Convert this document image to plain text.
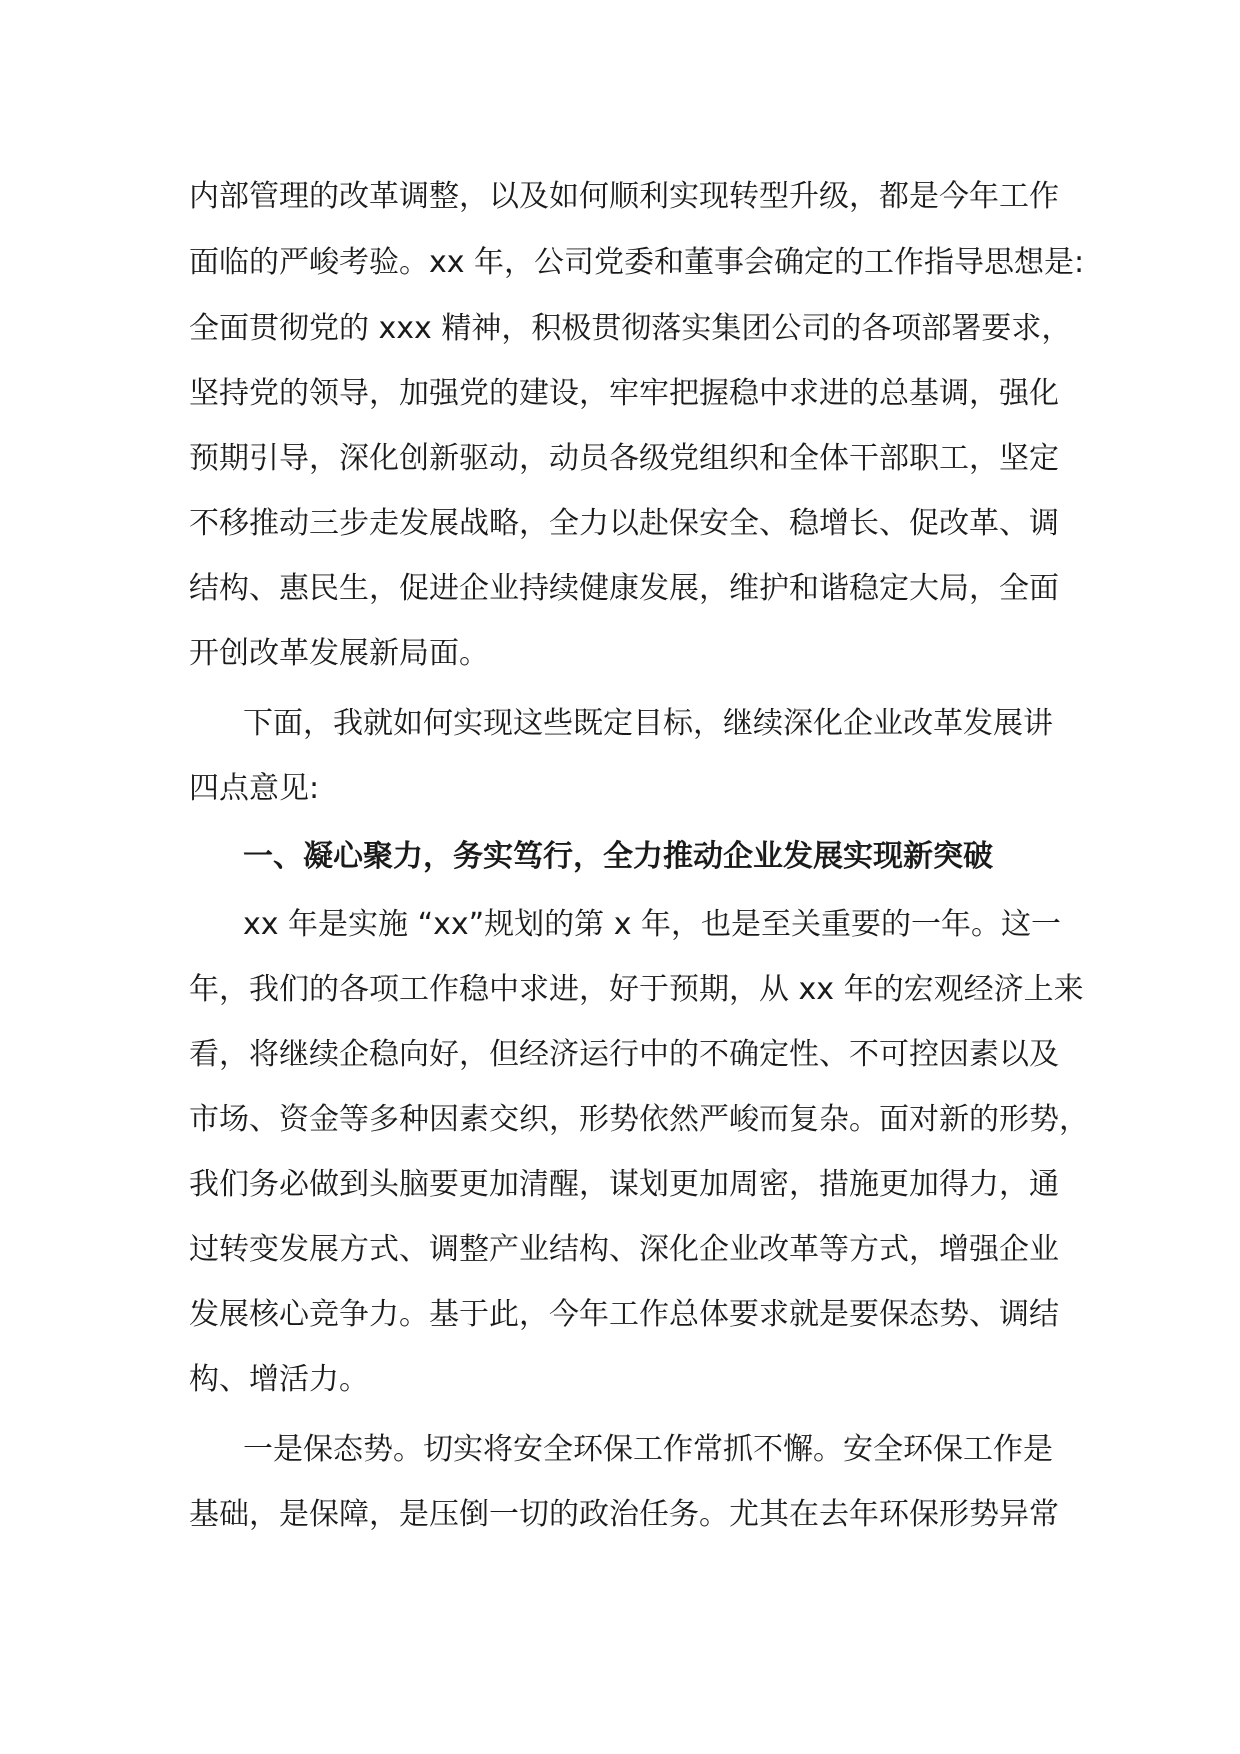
内部管理的改革调整，以及如何顺利实现转型升级，都是今年工作
面临的严峻考验。xx 年，公司党委和董事会确定的工作指导思想是:
全面贯彻党的 xxx 精神，积极贯彻落实集团公司的各项部署要求，
坚持党的领导，加强党的建设，牢牢把握稳中求进的总基调，强化
预期引导，深化创新驱动，动员各级党组织和全体干部职工，坚定
不移推动三步走发展战略，全力以赴保安全、稳增长、促改革、调
结构、惠民生，促进企业持续健康发展，维护和谐稳定大局，全面
开创改革发展新局面。
下面，我就如何实现这些既定目标，继续深化企业改革发展讲
四点意见:
一、凝心聚力，务实笃行，全力推动企业发展实现新突破
xx 年是实施 “xx”规划的第 x 年，也是至关重要的一年。这一
年，我们的各项工作稳中求进，好于预期，从 xx 年的宏观经济上来
看，将继续企稳向好，但经济运行中的不确定性、不可控因素以及
市场、资金等多种因素交织，形势依然严峻而复杂。面对新的形势，
我们务必做到头脑要更加清醒，谋划更加周密，措施更加得力，通
过转变发展方式、调整产业结构、深化企业改革等方式，增强企业
发展核心竞争力。基于此，今年工作总体要求就是要保态势、调结
构、增活力。
一是保态势。切实将安全环保工作常抓不懈。安全环保工作是
基础，是保障，是压倒一切的政治任务。尤其在去年环保形势异常
